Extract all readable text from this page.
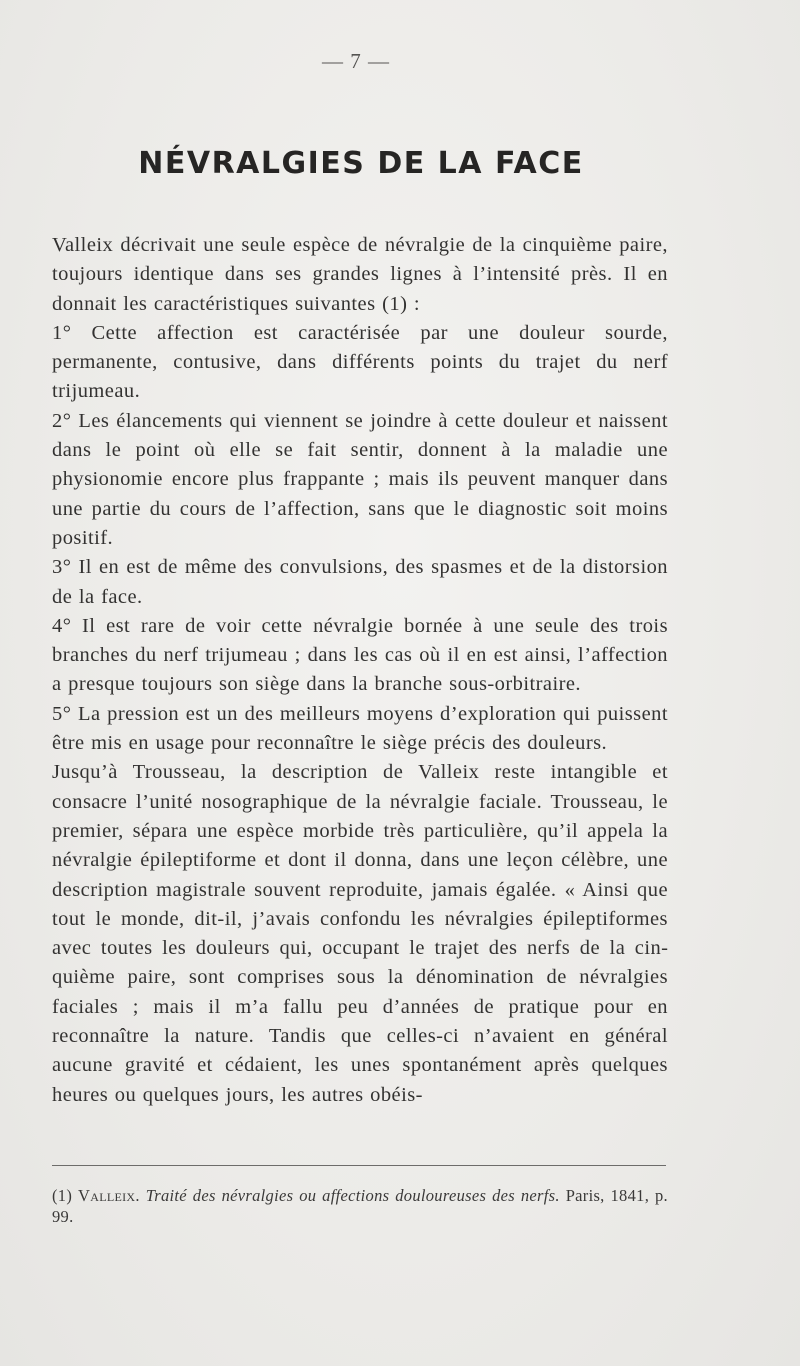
— 7 —
NÉVRALGIES DE LA FACE

Valleix décrivait une seule espèce de névralgie de la cinquième paire, toujours identique dans ses grandes lignes à l’intensité près. Il en donnait les caractéristiques suivantes (1) :

1° Cette affection est caractérisée par une douleur sourde, permanente, contusive, dans différents points du trajet du nerf trijumeau.

2° Les élancements qui viennent se joindre à cette douleur et naissent dans le point où elle se fait sentir, donnent à la maladie une physionomie encore plus frappante ; mais ils peuvent manquer dans une partie du cours de l’affection, sans que le diagnostic soit moins positif.

3° Il en est de même des convulsions, des spasmes et de la distorsion de la face.

4° Il est rare de voir cette névralgie bornée à une seule des trois branches du nerf trijumeau ; dans les cas où il en est ainsi, l’affection a presque toujours son siège dans la branche sous-orbitraire.

5° La pression est un des meilleurs moyens d’exploration qui puissent être mis en usage pour reconnaître le siège précis des douleurs.

Jusqu’à Trousseau, la description de Valleix reste intangible et consacre l’unité nosographique de la névralgie faciale. Trousseau, le premier, sépara une espèce morbide très particulière, qu’il appela la névralgie épileptiforme et dont il donna, dans une leçon célèbre, une description magistrale souvent reproduite, jamais égalée. « Ainsi que tout le monde, dit-il, j’avais confondu les névralgies épileptiformes avec toutes les douleurs qui, occupant le trajet des nerfs de la cinquième paire, sont comprises sous la dénomination de névralgies faciales ; mais il m’a fallu peu d’années de pratique pour en reconnaître la nature. Tandis que celles-ci n’avaient en général aucune gravité et cédaient, les unes spontanément après quelques heures ou quelques jours, les autres obéis-

(1) Valleix. Traité des névralgies ou affections douloureuses des nerfs. Paris, 1841, p. 99.
